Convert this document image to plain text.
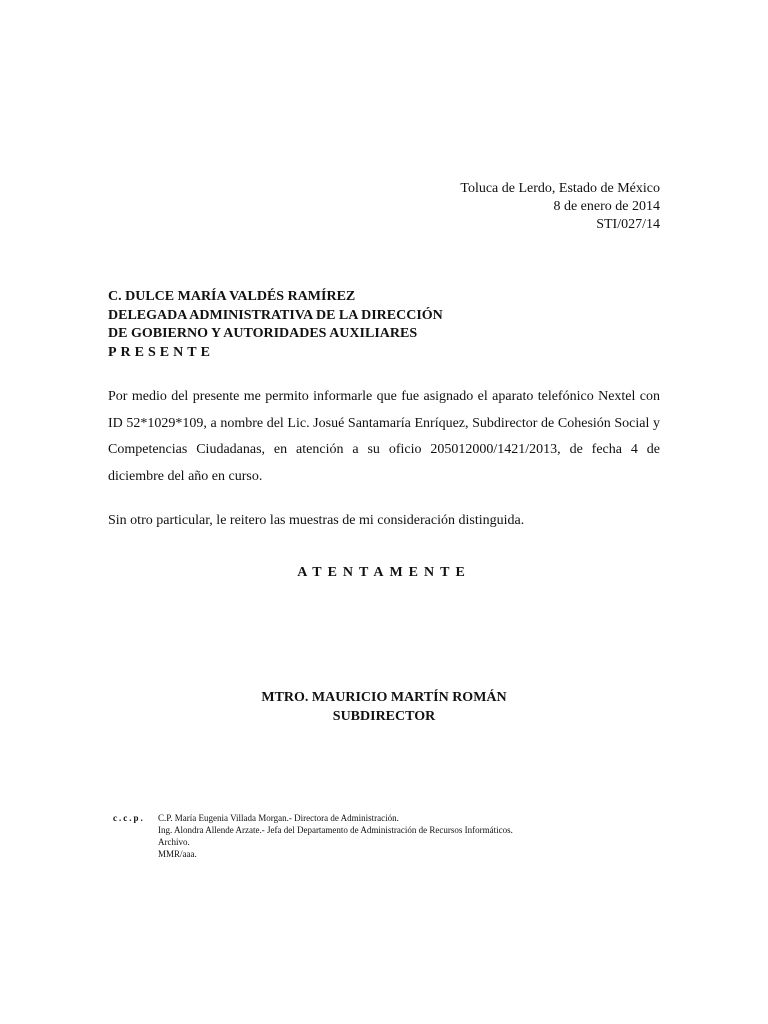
Toluca de Lerdo, Estado de México
8 de enero de 2014
STI/027/14
C. DULCE MARÍA VALDÉS RAMÍREZ
DELEGADA ADMINISTRATIVA DE LA DIRECCIÓN
DE GOBIERNO Y AUTORIDADES AUXILIARES
PRESENTE

Por medio del presente me permito informarle que fue asignado el aparato telefónico Nextel con ID 52*1029*109, a nombre del Lic. Josué Santamaría Enríquez, Subdirector de Cohesión Social y Competencias Ciudadanas, en atención a su oficio 205012000/1421/2013, de fecha 4 de diciembre del año en curso.

Sin otro particular, le reitero las muestras de mi consideración distinguida.

ATENTAMENTE
MTRO. MAURICIO MARTÍN ROMÁN
SUBDIRECTOR
c.c.p. C.P. María Eugenia Villada Morgan.- Directora de Administración.
Ing. Alondra Allende Arzate.- Jefa del Departamento de Administración de Recursos Informáticos.
Archivo.
MMR/aaa.
